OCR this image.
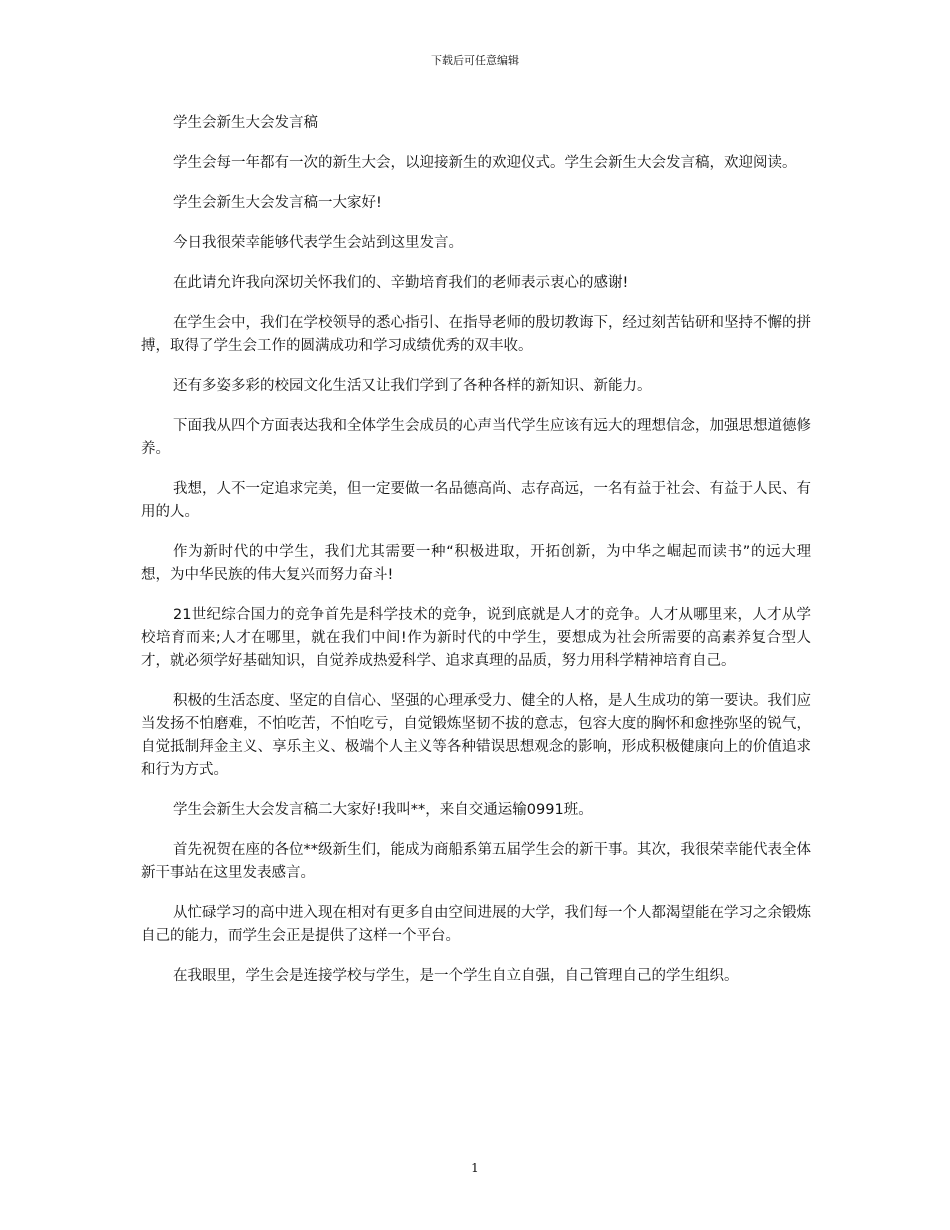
下载后可任意编辑

学生会新生大会发言稿

学生会每一年都有一次的新生大会，以迎接新生的欢迎仪式。学生会新生大会发言稿，欢迎阅读。

学生会新生大会发言稿一大家好!

今日我很荣幸能够代表学生会站到这里发言。

在此请允许我向深切关怀我们的、辛勤培育我们的老师表示衷心的感谢!

在学生会中，我们在学校领导的悉心指引、在指导老师的殷切教诲下，经过刻苦钻研和坚持不懈的拼搏，取得了学生会工作的圆满成功和学习成绩优秀的双丰收。

还有多姿多彩的校园文化生活又让我们学到了各种各样的新知识、新能力。

下面我从四个方面表达我和全体学生会成员的心声当代学生应该有远大的理想信念，加强思想道德修养。

我想，人不一定追求完美，但一定要做一名品德高尚、志存高远，一名有益于社会、有益于人民、有用的人。

作为新时代的中学生，我们尤其需要一种“积极进取，开拓创新，为中华之崛起而读书”的远大理想，为中华民族的伟大复兴而努力奋斗!

21世纪综合国力的竞争首先是科学技术的竞争，说到底就是人才的竞争。人才从哪里来，人才从学校培育而来;人才在哪里，就在我们中间!作为新时代的中学生，要想成为社会所需要的高素养复合型人才，就必须学好基础知识，自觉养成热爱科学、追求真理的品质，努力用科学精神培育自己。

积极的生活态度、坚定的自信心、坚强的心理承受力、健全的人格，是人生成功的第一要诀。我们应当发扬不怕磨难，不怕吃苦，不怕吃亏，自觉锻炼坚韧不拔的意志，包容大度的胸怀和愈挫弥坚的锐气，自觉抵制拜金主义、享乐主义、极端个人主义等各种错误思想观念的影响，形成积极健康向上的价值追求和行为方式。

学生会新生大会发言稿二大家好!我叫**，来自交通运输0991班。

首先祝贺在座的各位**级新生们，能成为商船系第五届学生会的新干事。其次，我很荣幸能代表全体新干事站在这里发表感言。

从忙碌学习的高中进入现在相对有更多自由空间进展的大学，我们每一个人都渴望能在学习之余锻炼自己的能力，而学生会正是提供了这样一个平台。

在我眼里，学生会是连接学校与学生，是一个学生自立自强，自己管理自己的学生组织。

1
